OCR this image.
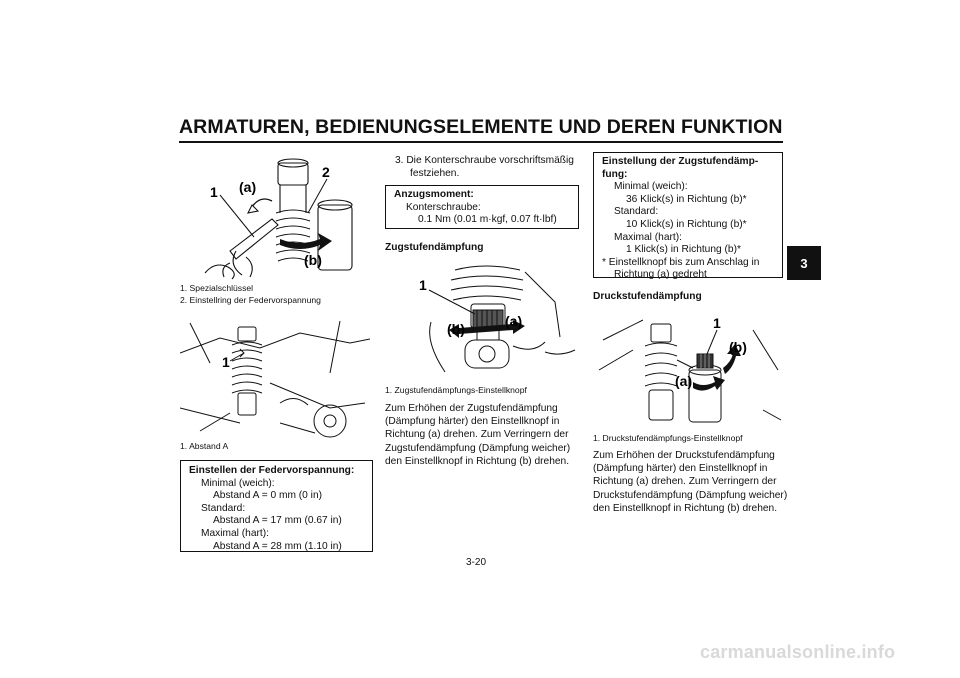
ARMATUREN, BEDIENUNGSELEMENTE UND DEREN FUNKTION
3
1
2
(a)
(b)
1. Spezialschlüssel
2. Einstellring der Federvorspannung
1
1. Abstand A
Einstellen der Federvorspannung:
Minimal (weich):
Abstand A = 0 mm (0 in)
Standard:
Abstand A = 17 mm (0.67 in)
Maximal (hart):
Abstand A = 28 mm (1.10 in)
3. Die Konterschraube vorschriftsmäßig
festziehen.
Anzugsmoment:
Konterschraube:
0.1 Nm (0.01 m·kgf, 0.07 ft·lbf)
Zugstufendämpfung
1
(a)
(b)
1. Zugstufendämpfungs-Einstellknopf
Zum Erhöhen der Zugstufendämpfung
(Dämpfung härter) den Einstellknopf in
Richtung (a) drehen. Zum Verringern der
Zugstufendämpfung (Dämpfung weicher)
den Einstellknopf in Richtung (b) drehen.
Einstellung der Zugstufendämp-
fung:
Minimal (weich):
36 Klick(s) in Richtung (b)*
Standard:
10 Klick(s) in Richtung (b)*
Maximal (hart):
1 Klick(s) in Richtung (b)*
* Einstellknopf bis zum Anschlag in
Richtung (a) gedreht
Druckstufendämpfung
1
(a)
(b)
1. Druckstufendämpfungs-Einstellknopf
Zum Erhöhen der Druckstufendämpfung
(Dämpfung härter) den Einstellknopf in
Richtung (a) drehen. Zum Verringern der
Druckstufendämpfung (Dämpfung weicher)
den Einstellknopf in Richtung (b) drehen.
3-20
carmanualsonline.info
